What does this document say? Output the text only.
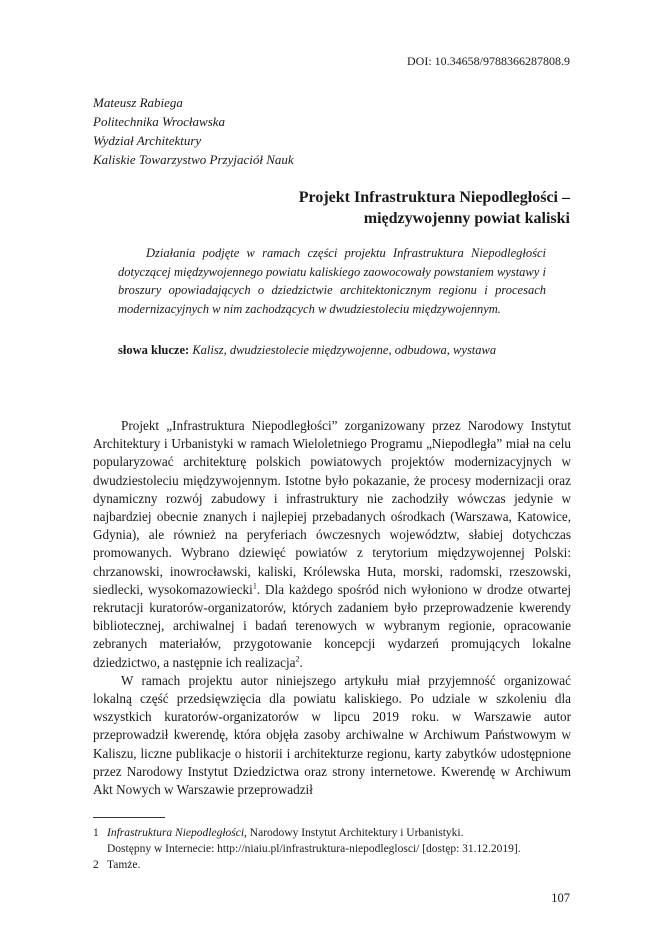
DOI: 10.34658/9788366287808.9
Mateusz Rabiega
Politechnika Wrocławska
Wydział Architektury
Kaliskie Towarzystwo Przyjaciół Nauk
Projekt Infrastruktura Niepodległości –
międzywojenny powiat kaliski
Działania podjęte w ramach części projektu Infrastruktura Niepodległości dotyczącej międzywojennego powiatu kaliskiego zaowocowały powstaniem wystawy i broszury opowiadających o dziedzictwie architektonicznym regionu i procesach modernizacyjnych w nim zachodzących w dwudziestoleciu międzywojennym.
słowa klucze: Kalisz, dwudziestolecie międzywojenne, odbudowa, wystawa

Projekt „Infrastruktura Niepodległości” zorganizowany przez Narodowy Instytut Architektury i Urbanistyki w ramach Wieloletniego Programu „Niepodległa” miał na celu popularyzować architekturę polskich powiatowych projektów modernizacyjnych w dwudziestoleciu międzywojennym. Istotne było pokazanie, że procesy modernizacji oraz dynamiczny rozwój zabudowy i infrastruktury nie zachodziły wówczas jedynie w najbardziej obecnie znanych i najlepiej przebadanych ośrodkach (Warszawa, Katowice, Gdynia), ale również na peryferiach ówczesnych województw, słabiej dotychczas promowanych. Wybrano dziewięć powiatów z terytorium międzywojennej Polski: chrzanowski, inowrocławski, kaliski, Królewska Huta, morski, radomski, rzeszowski, siedlecki, wysokomazowiecki$^1$. Dla każdego spośród nich wyłoniono w drodze otwartej rekrutacji kuratorów-organizatorów, których zadaniem było przeprowadzenie kwerendy bibliotecznej, archiwalnej i badań terenowych w wybranym regionie, opracowanie zebranych materiałów, przygotowanie koncepcji wydarzeń promujących lokalne dziedzictwo, a następnie ich realizacja$^2$.

W ramach projektu autor niniejszego artykułu miał przyjemność organizować lokalną część przedsięwzięcia dla powiatu kaliskiego. Po udziale w szkoleniu dla wszystkich kuratorów-organizatorów w lipcu 2019 roku. w Warszawie autor przeprowadził kwerendę, która objęła zasoby archiwalne w Archiwum Państwowym w Kaliszu, liczne publikacje o historii i architekturze regionu, karty zabytków udostępnione przez Narodowy Instytut Dziedzictwa oraz strony internetowe. Kwerendę w Archiwum Akt Nowych w Warszawie przeprowadził

1 Infrastruktura Niepodległości, Narodowy Instytut Architektury i Urbanistyki.
Dostępny w Internecie: http://niaiu.pl/infrastruktura-niepodleglosci/ [dostęp: 31.12.2019].
2 Tamże.
107
